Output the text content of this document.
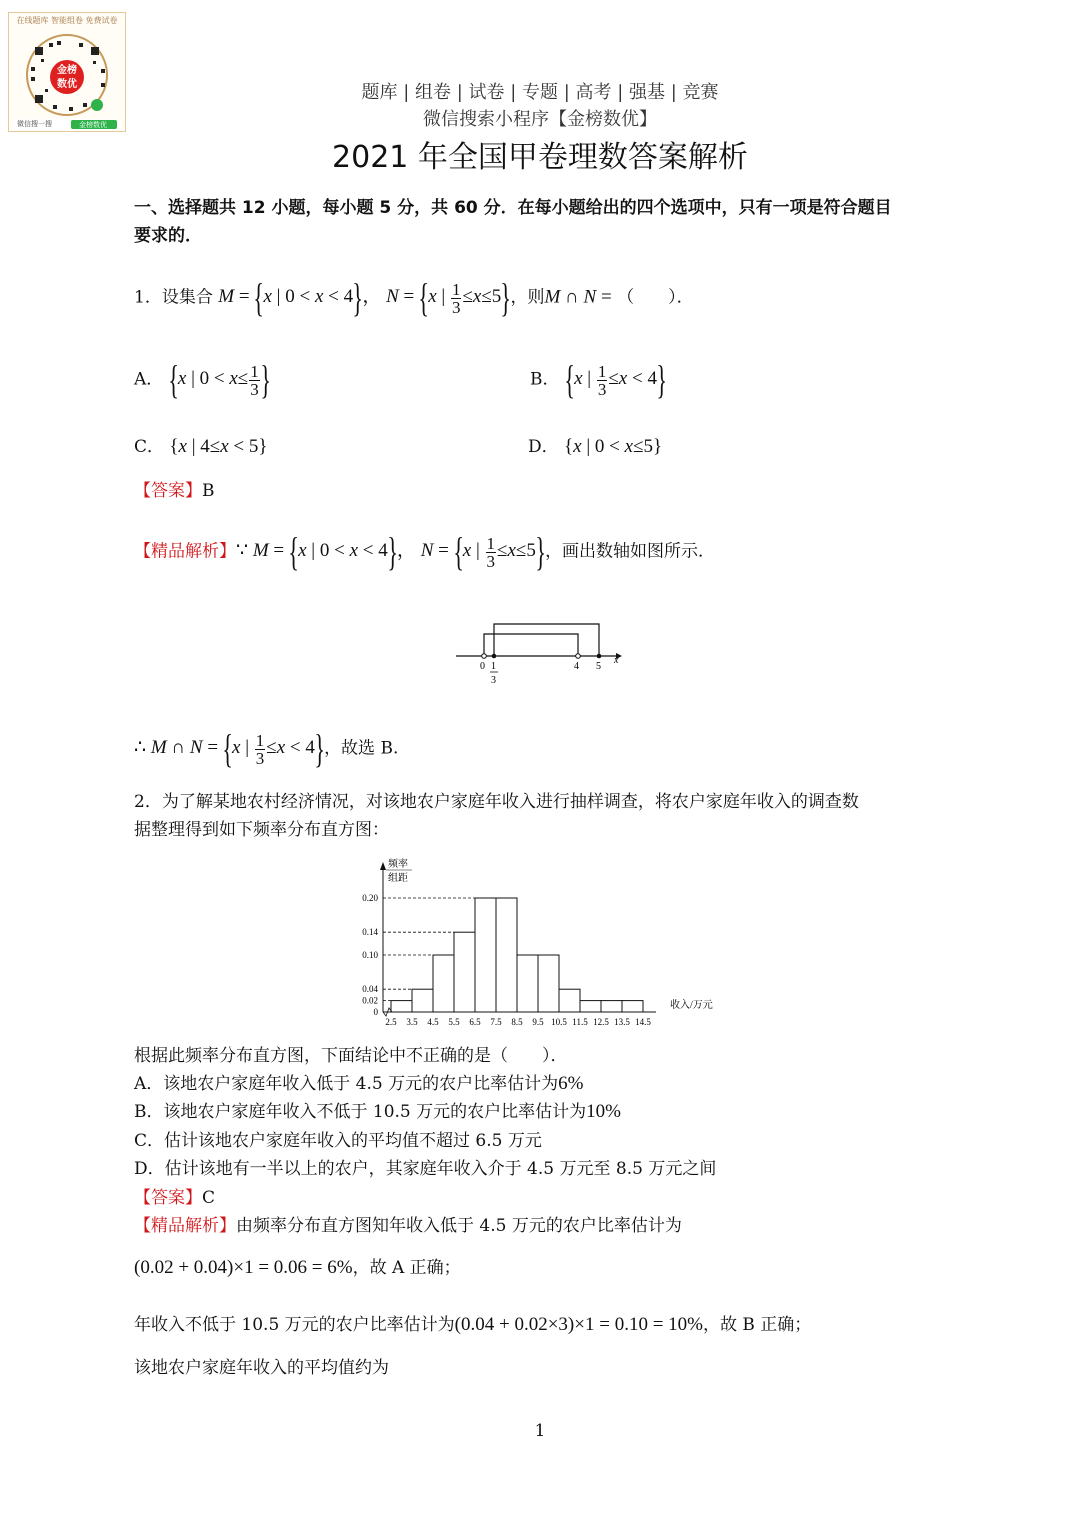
在线题库 智能组卷 免费试卷
金榜
数优
微信搜一搜	金榜数优
题库 | 组卷 | 试卷 | 专题 | 高考 | 强基 | 竞赛
微信搜索小程序【金榜数优】
2021 年全国甲卷理数答案解析
一、选择题共 12 小题，每小题 5 分，共 60 分．在每小题给出的四个选项中，只有一项是符合题目
要求的．
1．设集合 M = {x | 0 < x < 4}， N = {x | $\frac{1}{3} \le x\le 5$}，则M ∩ N = （　　）．
A． {x | $0 < x\le \frac{1}{3}$ }	B． {x | $\frac{1}{3} \le x < 4$}
C． {x | 4≤x < 5}	D． {x | 0 < x≤5}
【答案】B
【精品解析】∵ M = {x | 0 < x < 4}， N = {x | $\frac{1}{3} \le x\le 5$}，画出数轴如图所示．
0 1
3
4 5
x
∴ M ∩ N = {x | $\frac{1}{3} \le x < 4$}，故选 B.
2．为了解某地农村经济情况，对该地农户家庭年收入进行抽样调查，将农户家庭年收入的调查数
据整理得到如下频率分布直方图：
2.5 3.5 4.5 5.5 6.5 7.5 8.5 9.5 10.5 11.5 12.5 13.5 14.5
0.20
0.14
0.10
0.04
0.02
0
频率
组距
收入/万元
根据此频率分布直方图，下面结论中不正确的是（　　）．
A．该地农户家庭年收入低于 4.5 万元的农户比率估计为6%
B．该地农户家庭年收入不低于 10.5 万元的农户比率估计为10%
C．估计该地农户家庭年收入的平均值不超过 6.5 万元
D．估计该地有一半以上的农户，其家庭年收入介于 4.5 万元至 8.5 万元之间
【答案】C
【精品解析】由频率分布直方图知年收入低于 4.5 万元的农户比率估计为
(0.02 + 0.04)×1 = 0.06 = 6%，故 A 正确；
年收入不低于 10.5 万元的农户比率估计为(0.04 + 0.02×3)×1 = 0.10 = 10%，故 B 正确；
该地农户家庭年收入的平均值约为
1
